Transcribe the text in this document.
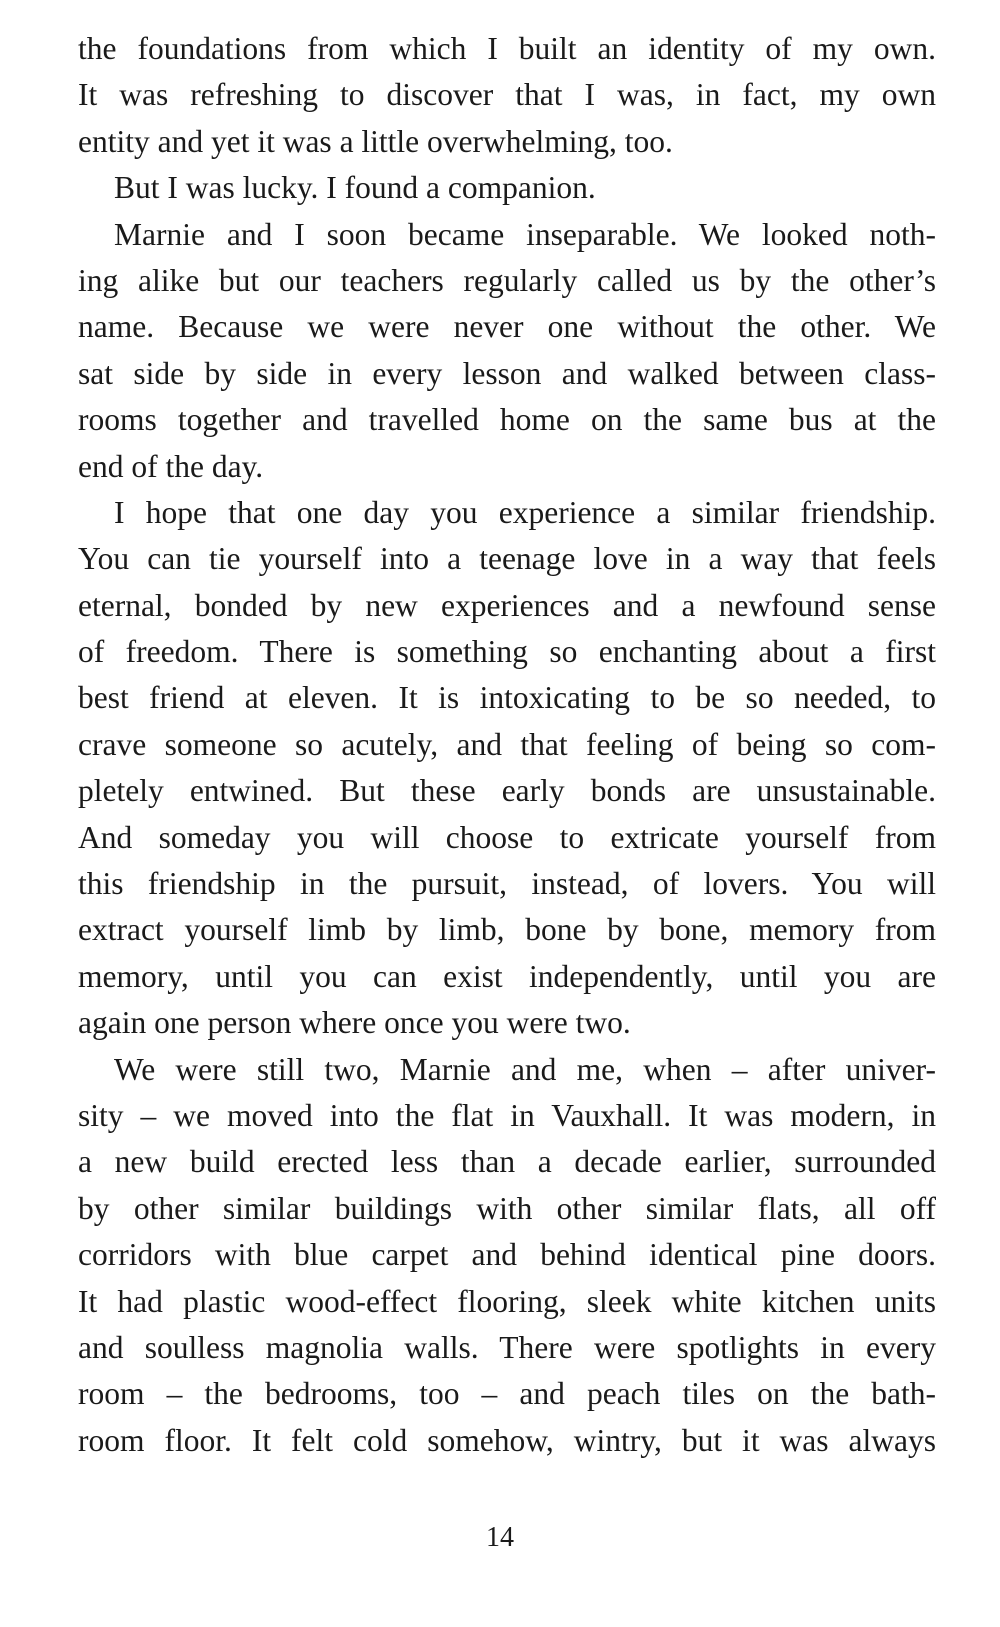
the foundations from which I built an identity of my own.
It was refreshing to discover that I was, in fact, my own
entity and yet it was a little overwhelming, too.
But I was lucky. I found a companion.
Marnie and I soon became inseparable. We looked noth-
ing alike but our teachers regularly called us by the other’s
name. Because we were never one without the other. We
sat side by side in every lesson and walked between class-
rooms together and travelled home on the same bus at the
end of the day.
I hope that one day you experience a similar friendship.
You can tie yourself into a teenage love in a way that feels
eternal, bonded by new experiences and a newfound sense
of freedom. There is something so enchanting about a first
best friend at eleven. It is intoxicating to be so needed, to
crave someone so acutely, and that feeling of being so com-
pletely entwined. But these early bonds are unsustainable.
And someday you will choose to extricate yourself from
this friendship in the pursuit, instead, of lovers. You will
extract yourself limb by limb, bone by bone, memory from
memory, until you can exist independently, until you are
again one person where once you were two.
We were still two, Marnie and me, when – after univer-
sity – we moved into the flat in Vauxhall. It was modern, in
a new build erected less than a decade earlier, surrounded
by other similar buildings with other similar flats, all off
corridors with blue carpet and behind identical pine doors.
It had plastic wood-effect flooring, sleek white kitchen units
and soulless magnolia walls. There were spotlights in every
room – the bedrooms, too – and peach tiles on the bath-
room floor. It felt cold somehow, wintry, but it was always
14
